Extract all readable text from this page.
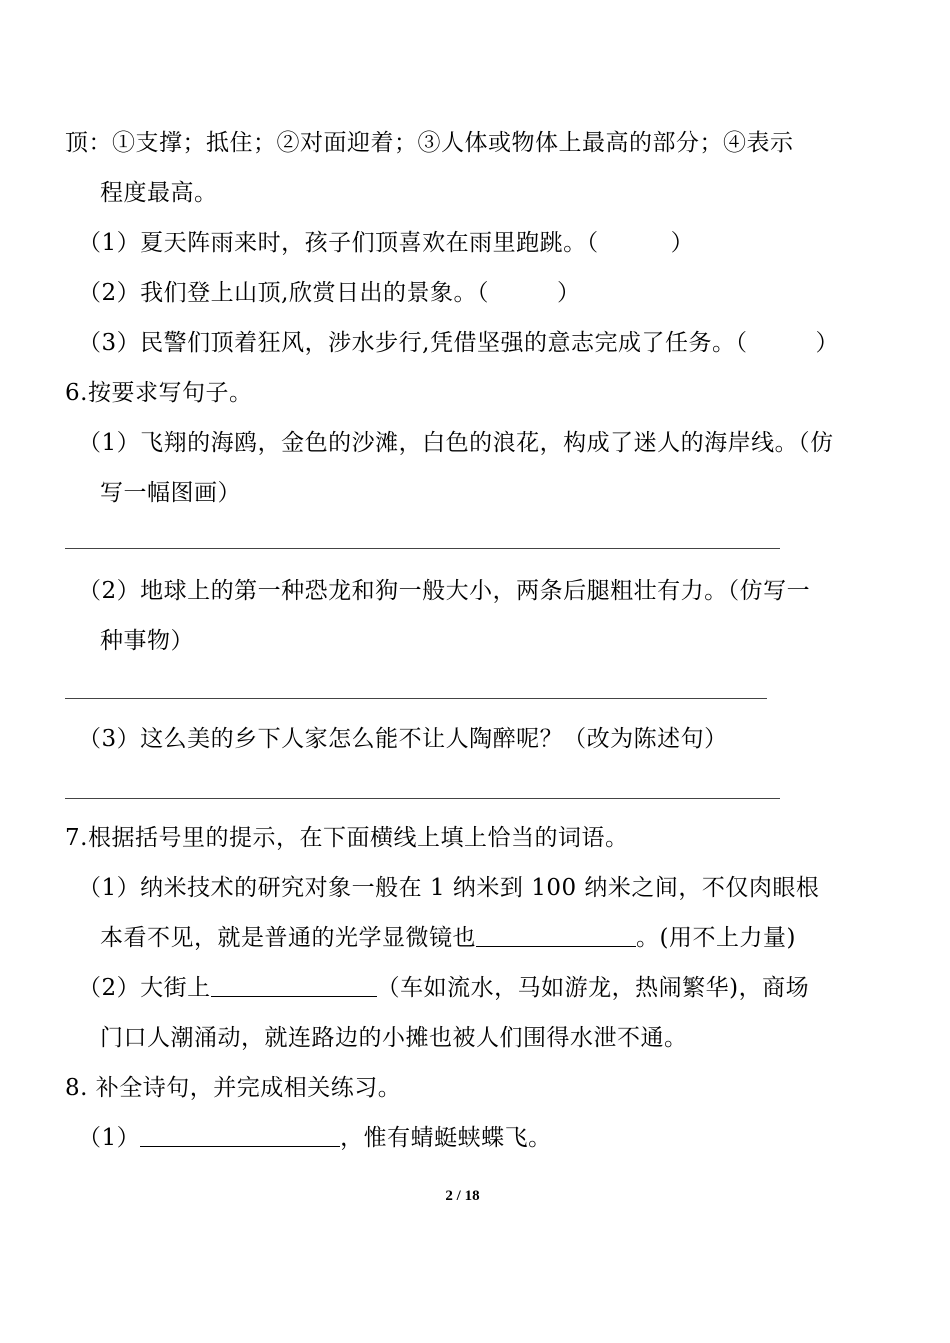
顶：①支撑；抵住；②对面迎着；③人体或物体上最高的部分；④表示
程度最高。
（1）夏天阵雨来时，孩子们顶喜欢在雨里跑跳。（	）
（2）我们登上山顶,欣赏日出的景象。（	）
（3）民警们顶着狂风，涉水步行,凭借坚强的意志完成了任务。（	）
6.按要求写句子。
（1）飞翔的海鸥，金色的沙滩，白色的浪花，构成了迷人的海岸线。（仿
写一幅图画）
（2）地球上的第一种恐龙和狗一般大小，两条后腿粗壮有力。（仿写一
种事物）
（3）这么美的乡下人家怎么能不让人陶醉呢？（改为陈述句）
7.根据括号里的提示，在下面横线上填上恰当的词语。
（1）纳米技术的研究对象一般在 1 纳米到 100 纳米之间，不仅肉眼根
本看不见，就是普通的光学显微镜也	。(用不上力量)
（2）大街上	（车如流水，马如游龙，热闹繁华)，商场
门口人潮涌动，就连路边的小摊也被人们围得水泄不通。
8. 补全诗句，并完成相关练习。
（1）	，惟有蜻蜓蛱蝶飞。
2 / 18
